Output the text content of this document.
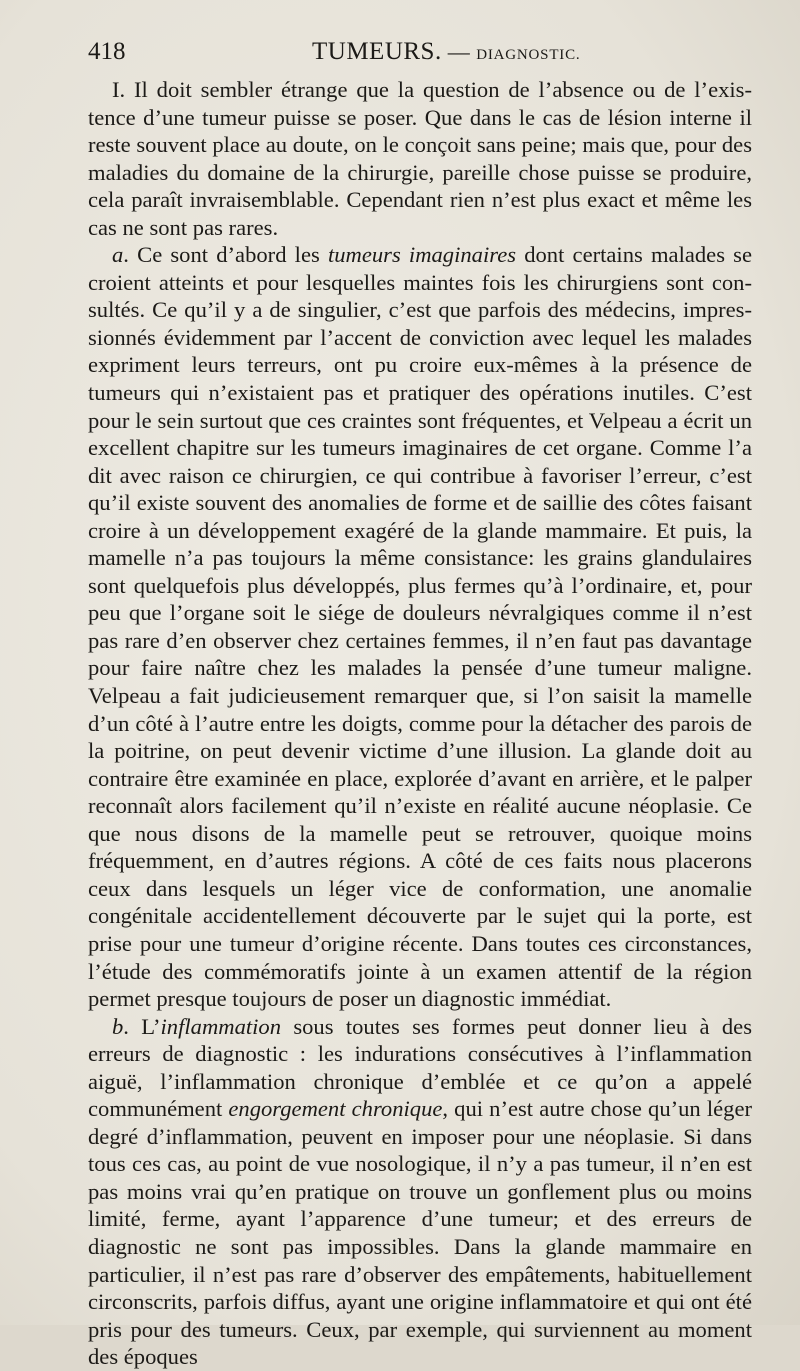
418	TUMEURS. — DIAGNOSTIC.

I. Il doit sembler étrange que la question de l’absence ou de l’existence d’une tumeur puisse se poser. Que dans le cas de lésion interne il reste souvent place au doute, on le conçoit sans peine; mais que, pour des maladies du domaine de la chirurgie, pareille chose puisse se produire, cela paraît invraisemblable. Cependant rien n’est plus exact et même les cas ne sont pas rares.

a. Ce sont d’abord les tumeurs imaginaires dont certains malades se croient atteints et pour lesquelles maintes fois les chirurgiens sont consultés. Ce qu’il y a de singulier, c’est que parfois des médecins, impressionnés évidemment par l’accent de conviction avec lequel les malades expriment leurs terreurs, ont pu croire eux-mêmes à la présence de tumeurs qui n’existaient pas et pratiquer des opérations inutiles. C’est pour le sein surtout que ces craintes sont fréquentes, et Velpeau a écrit un excellent chapitre sur les tumeurs imaginaires de cet organe. Comme l’a dit avec raison ce chirurgien, ce qui contribue à favoriser l’erreur, c’est qu’il existe souvent des anomalies de forme et de saillie des côtes faisant croire à un développement exagéré de la glande mammaire. Et puis, la mamelle n’a pas toujours la même consistance: les grains glandulaires sont quelquefois plus développés, plus fermes qu’à l’ordinaire, et, pour peu que l’organe soit le siége de douleurs névralgiques comme il n’est pas rare d’en observer chez certaines femmes, il n’en faut pas davantage pour faire naître chez les malades la pensée d’une tumeur maligne. Velpeau a fait judicieusement remarquer que, si l’on saisit la mamelle d’un côté à l’autre entre les doigts, comme pour la détacher des parois de la poitrine, on peut devenir victime d’une illusion. La glande doit au contraire être examinée en place, explorée d’avant en arrière, et le palper reconnaît alors facilement qu’il n’existe en réalité aucune néoplasie. Ce que nous disons de la mamelle peut se retrouver, quoique moins fréquemment, en d’autres régions. A côté de ces faits nous placerons ceux dans lesquels un léger vice de conformation, une anomalie congénitale accidentellement découverte par le sujet qui la porte, est prise pour une tumeur d’origine récente. Dans toutes ces circonstances, l’étude des commémoratifs jointe à un examen attentif de la région permet presque toujours de poser un diagnostic immédiat.

b. L’inflammation sous toutes ses formes peut donner lieu à des erreurs de diagnostic : les indurations consécutives à l’inflammation aiguë, l’inflammation chronique d’emblée et ce qu’on a appelé communément engorgement chronique, qui n’est autre chose qu’un léger degré d’inflammation, peuvent en imposer pour une néoplasie. Si dans tous ces cas, au point de vue nosologique, il n’y a pas tumeur, il n’en est pas moins vrai qu’en pratique on trouve un gonflement plus ou moins limité, ferme, ayant l’apparence d’une tumeur; et des erreurs de diagnostic ne sont pas impossibles. Dans la glande mammaire en particulier, il n’est pas rare d’observer des empâtements, habituellement circonscrits, parfois diffus, ayant une origine inflammatoire et qui ont été pris pour des tumeurs. Ceux, par exemple, qui surviennent au moment des époques
